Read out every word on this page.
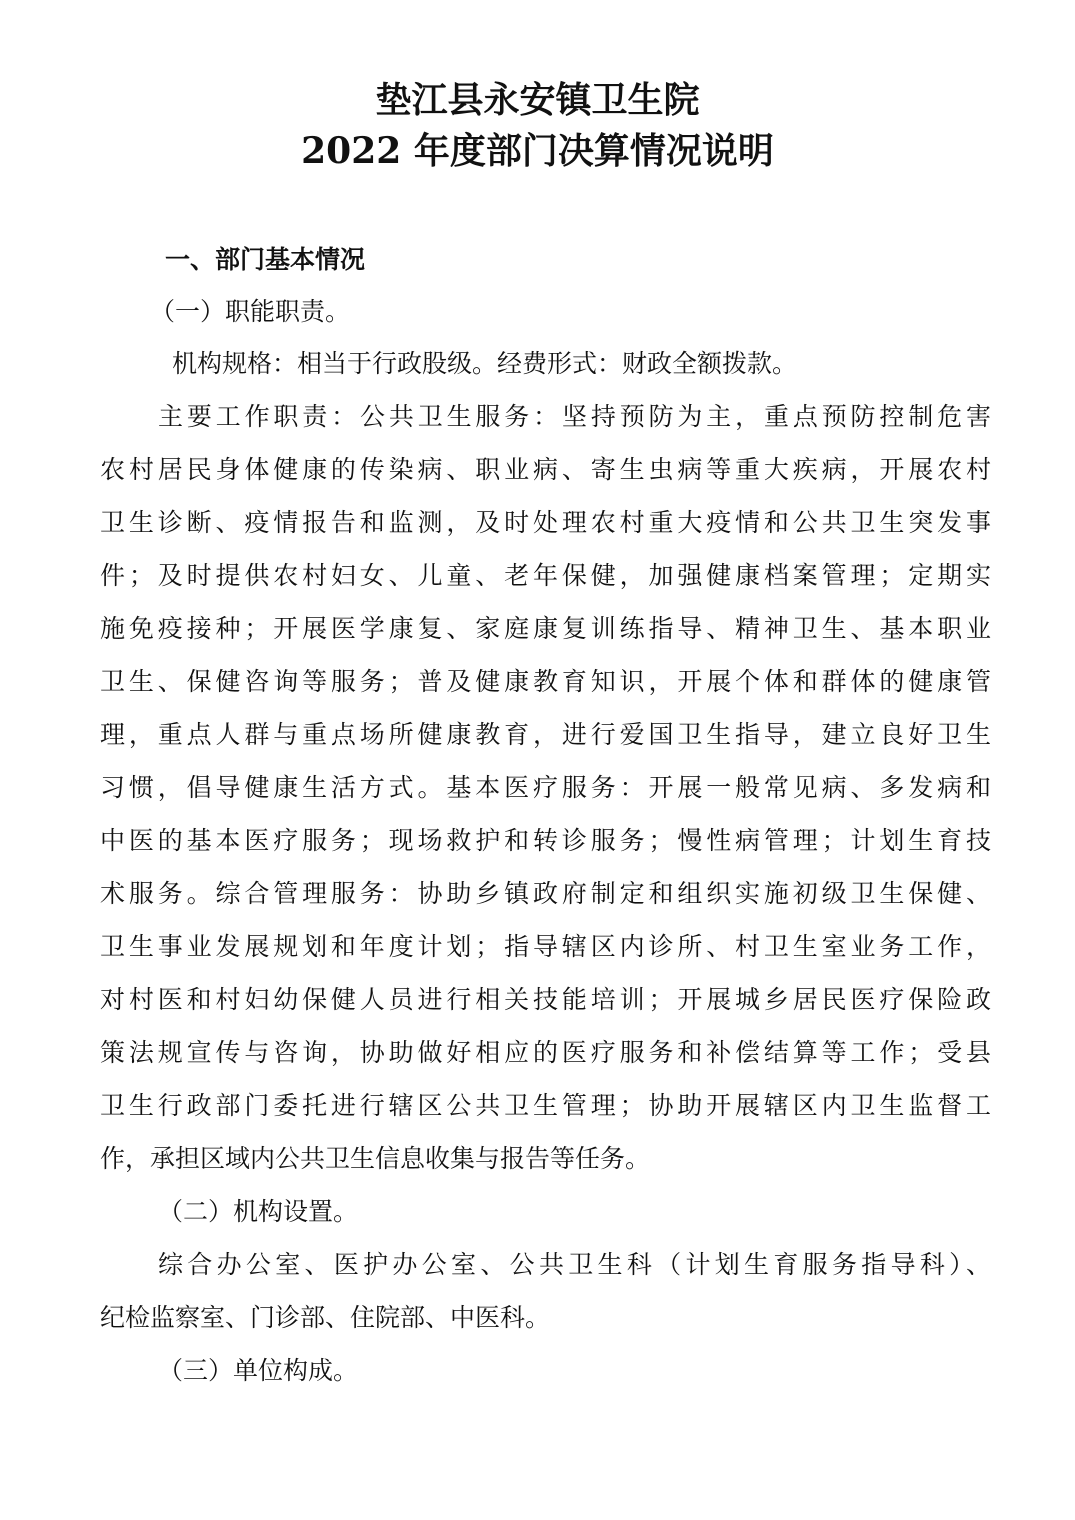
垫江县永安镇卫生院
2022 年度部门决算情况说明
一、部门基本情况
（一）职能职责。
机构规格：相当于行政股级。经费形式：财政全额拨款。
主要工作职责：公共卫生服务：坚持预防为主，重点预防控制危害
农村居民身体健康的传染病、职业病、寄生虫病等重大疾病，开展农村
卫生诊断、疫情报告和监测，及时处理农村重大疫情和公共卫生突发事
件；及时提供农村妇女、儿童、老年保健，加强健康档案管理；定期实
施免疫接种；开展医学康复、家庭康复训练指导、精神卫生、基本职业
卫生、保健咨询等服务；普及健康教育知识，开展个体和群体的健康管
理，重点人群与重点场所健康教育，进行爱国卫生指导，建立良好卫生
习惯，倡导健康生活方式。基本医疗服务：开展一般常见病、多发病和
中医的基本医疗服务；现场救护和转诊服务；慢性病管理；计划生育技
术服务。综合管理服务：协助乡镇政府制定和组织实施初级卫生保健、
卫生事业发展规划和年度计划；指导辖区内诊所、村卫生室业务工作，
对村医和村妇幼保健人员进行相关技能培训；开展城乡居民医疗保险政
策法规宣传与咨询，协助做好相应的医疗服务和补偿结算等工作；受县
卫生行政部门委托进行辖区公共卫生管理；协助开展辖区内卫生监督工
作，承担区域内公共卫生信息收集与报告等任务。
（二）机构设置。
综合办公室、医护办公室、公共卫生科（计划生育服务指导科）、
纪检监察室、门诊部、住院部、中医科。
（三）单位构成。
